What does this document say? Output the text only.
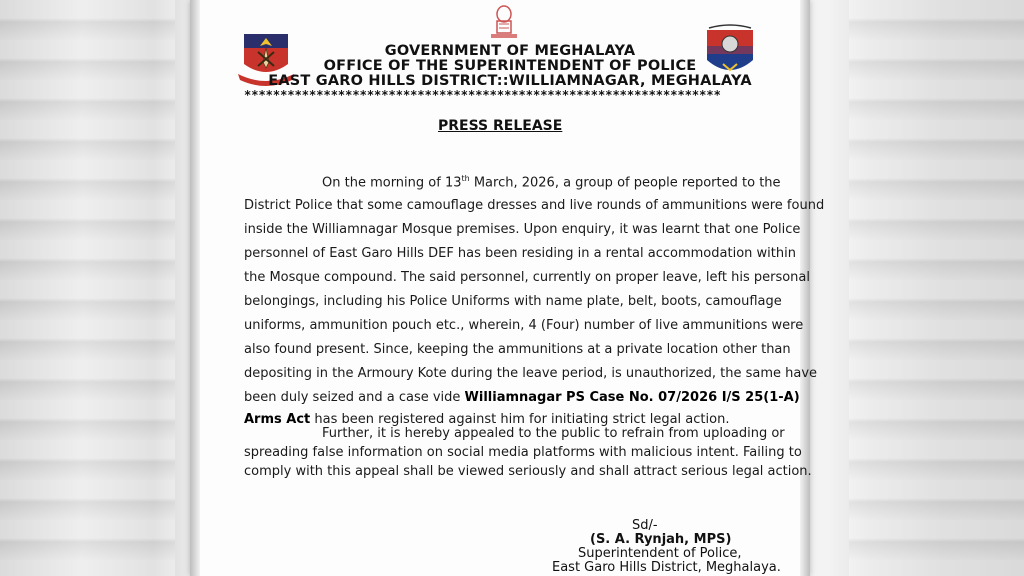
GOVERNMENT OF MEGHALAYA
OFFICE OF THE SUPERINTENDENT OF POLICE
EAST GARO HILLS DISTRICT::WILLIAMNAGAR, MEGHALAYA
******************************************************************
PRESS RELEASE
On the morning of 13th March, 2026, a group of people reported to the
District Police that some camouflage dresses and live rounds of ammunitions were found
inside the Williamnagar Mosque premises. Upon enquiry, it was learnt that one Police
personnel of East Garo Hills DEF has been residing in a rental accommodation within
the Mosque compound. The said personnel, currently on proper leave, left his personal
belongings, including his Police Uniforms with name plate, belt, boots, camouflage
uniforms, ammunition pouch etc., wherein, 4 (Four) number of live ammunitions were
also found present. Since, keeping the ammunitions at a private location other than
depositing in the Armoury Kote during the leave period, is unauthorized, the same have
been duly seized and a case vide Williamnagar PS Case No. 07/2026 I/S 25(1-A)
Arms Act has been registered against him for initiating strict legal action.
Further, it is hereby appealed to the public to refrain from uploading or
spreading false information on social media platforms with malicious intent. Failing to
comply with this appeal shall be viewed seriously and shall attract serious legal action.
Sd/-
(S. A. Rynjah, MPS)
Superintendent of Police,
East Garo Hills District, Meghalaya.
